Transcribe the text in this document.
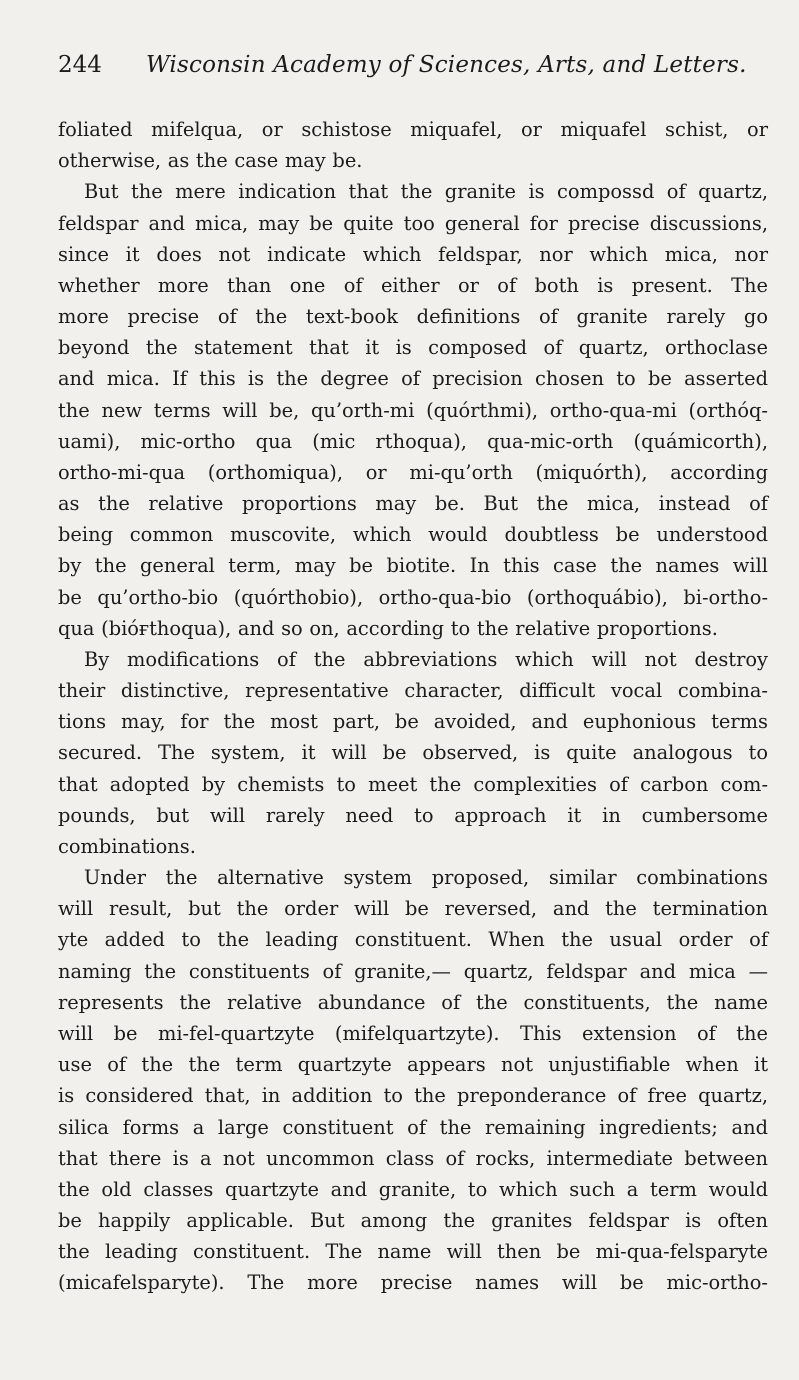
244 Wisconsin Academy of Sciences, Arts, and Letters.
foliated mifelqua, or schistose miquafel, or miquafel schist, or
otherwise, as the case may be.
But the mere indication that the granite is compossd of quartz,
feldspar and mica, may be quite too general for precise discussions,
since it does not indicate which feldspar, nor which mica, nor
whether more than one of either or of both is present. The
more precise of the text-book definitions of granite rarely go
beyond the statement that it is composed of quartz, orthoclase
and mica. If this is the degree of precision chosen to be asserted
the new terms will be, qu’orth-mi (quórthmi), ortho-qua-mi (orthóq-
uami), mic-ortho qua (mic rthoqua), qua-mic-orth (quámicorth),
ortho-mi-qua (orthomiqua), or mi-qu’orth (miquórth), according
as the relative proportions may be. But the mica, instead of
being common muscovite, which would doubtless be understood
by the general term, may be biotite. In this case the names will
be qu’ortho-bio (quórthobio), ortho-qua-bio (orthoquábio), bi-ortho-
qua (bióғthoqua), and so on, according to the relative proportions.
By modifications of the abbreviations which will not destroy
their distinctive, representative character, difficult vocal combina-
tions may, for the most part, be avoided, and euphonious terms
secured. The system, it will be observed, is quite analogous to
that adopted by chemists to meet the complexities of carbon com-
pounds, but will rarely need to approach it in cumbersome
combinations.
Under the alternative system proposed, similar combinations
will result, but the order will be reversed, and the termination
yte added to the leading constituent. When the usual order of
naming the constituents of granite,— quartz, feldspar and mica —
represents the relative abundance of the constituents, the name
will be mi-fel-quartzyte (mifelquartzyte). This extension of the
use of the the term quartzyte appears not unjustifiable when it
is considered that, in addition to the preponderance of free quartz,
silica forms a large constituent of the remaining ingredients; and
that there is a not uncommon class of rocks, intermediate between
the old classes quartzyte and granite, to which such a term would
be happily applicable. But among the granites feldspar is often
the leading constituent. The name will then be mi-qua-felsparyte
(micafelsparyte). The more precise names will be mic-ortho-
